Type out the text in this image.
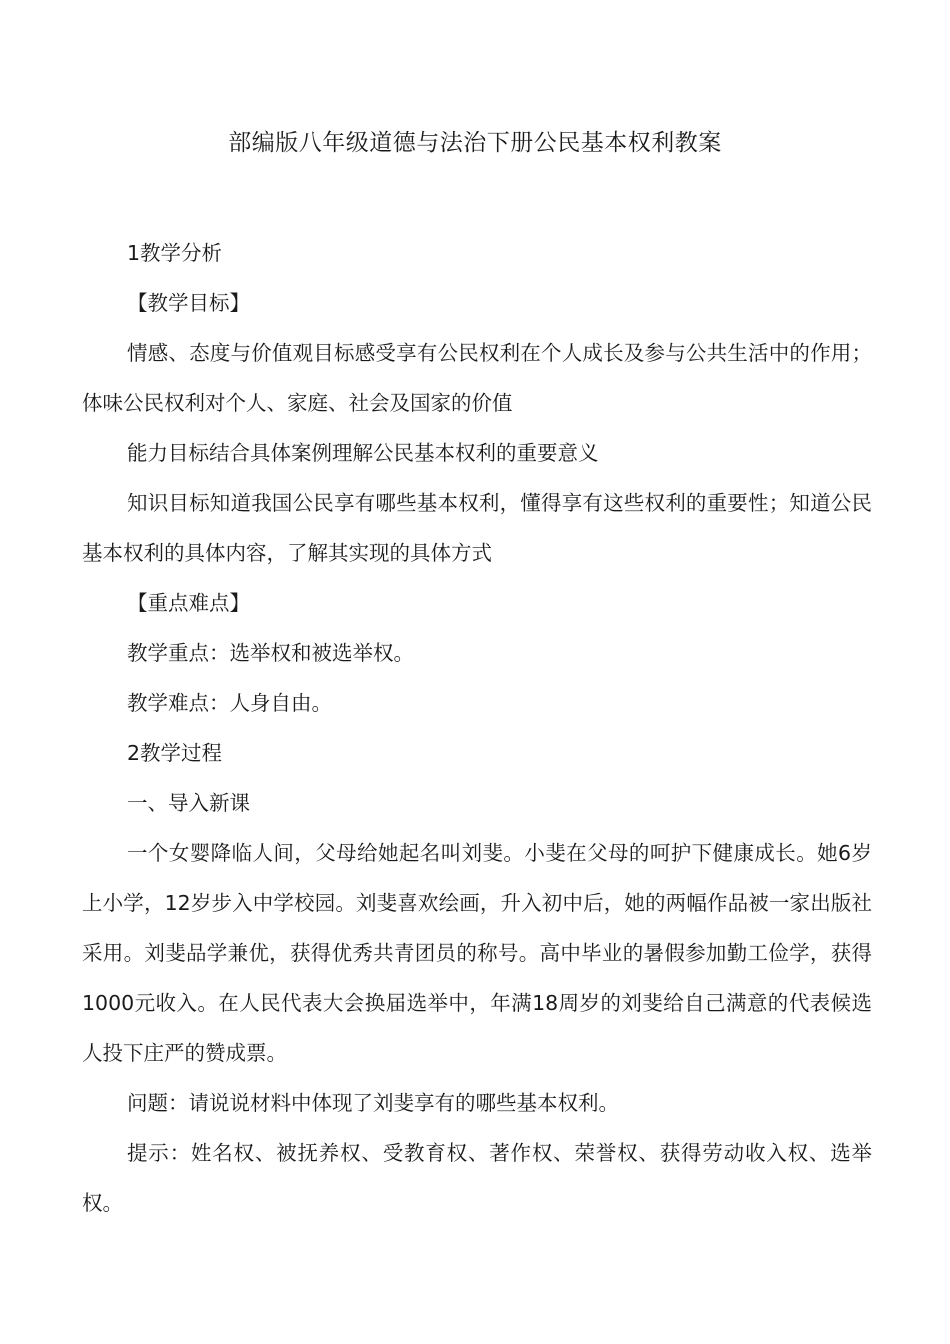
部编版八年级道德与法治下册公民基本权利教案

1教学分析

【教学目标】

情感、态度与价值观目标感受享有公民权利在个人成长及参与公共生活中的作用；体味公民权利对个人、家庭、社会及国家的价值

能力目标结合具体案例理解公民基本权利的重要意义

知识目标知道我国公民享有哪些基本权利，懂得享有这些权利的重要性；知道公民基本权利的具体内容，了解其实现的具体方式

【重点难点】

教学重点：选举权和被选举权。

教学难点：人身自由。

2教学过程

一、导入新课

一个女婴降临人间，父母给她起名叫刘斐。小斐在父母的呵护下健康成长。她6岁上小学，12岁步入中学校园。刘斐喜欢绘画，升入初中后，她的两幅作品被一家出版社采用。刘斐品学兼优，获得优秀共青团员的称号。高中毕业的暑假参加勤工俭学，获得1000元收入。在人民代表大会换届选举中，年满18周岁的刘斐给自己满意的代表候选人投下庄严的赞成票。

问题：请说说材料中体现了刘斐享有的哪些基本权利。

提示：姓名权、被抚养权、受教育权、著作权、荣誉权、获得劳动收入权、选举权。
